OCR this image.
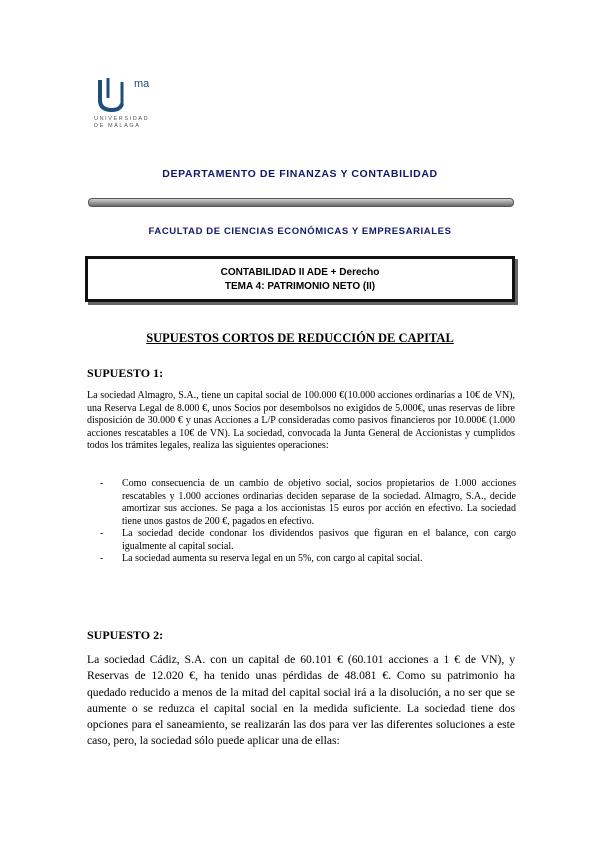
ma
UNIVERSIDAD
DE MÁLAGA
DEPARTAMENTO DE FINANZAS Y CONTABILIDAD
FACULTAD DE CIENCIAS ECONÓMICAS Y EMPRESARIALES
CONTABILIDAD II ADE + Derecho
TEMA 4: PATRIMONIO NETO (II)
SUPUESTOS CORTOS DE REDUCCIÓN DE CAPITAL
SUPUESTO 1:
La sociedad Almagro, S.A., tiene un capital social de 100.000 €(10.000 acciones ordinarias a 10€ de VN), una Reserva Legal de 8.000 €, unos Socios por desembolsos no exigidos de 5.000€, unas reservas de libre disposición de 30.000 € y unas Acciones a L/P consideradas como pasivos financieros por 10.000€ (1.000 acciones rescatables a 10€ de VN). La sociedad, convocada la Junta General de Accionistas y cumplidos todos los trámites legales, realiza las siguientes operaciones:
- Como consecuencia de un cambio de objetivo social, socios propietarios de 1.000 acciones rescatables y 1.000 acciones ordinarias deciden separase de la sociedad. Almagro, S.A., decide amortizar sus acciones. Se paga a los accionistas 15 euros por acción en efectivo. La sociedad tiene unos gastos de 200 €, pagados en efectivo.
- La sociedad decide condonar los dividendos pasivos que figuran en el balance, con cargo igualmente al capital social.
- La sociedad aumenta su reserva legal en un 5%, con cargo al capital social.
SUPUESTO 2:
La sociedad Cádiz, S.A. con un capital de 60.101 € (60.101 acciones a 1 € de VN), y Reservas de 12.020 €, ha tenido unas pérdidas de 48.081 €. Como su patrimonio ha quedado reducido a menos de la mitad del capital social irá a la disolución, a no ser que se aumente o se reduzca el capital social en la medida suficiente. La sociedad tiene dos opciones para el saneamiento, se realizarán las dos para ver las diferentes soluciones a este caso, pero, la sociedad sólo puede aplicar una de ellas:
